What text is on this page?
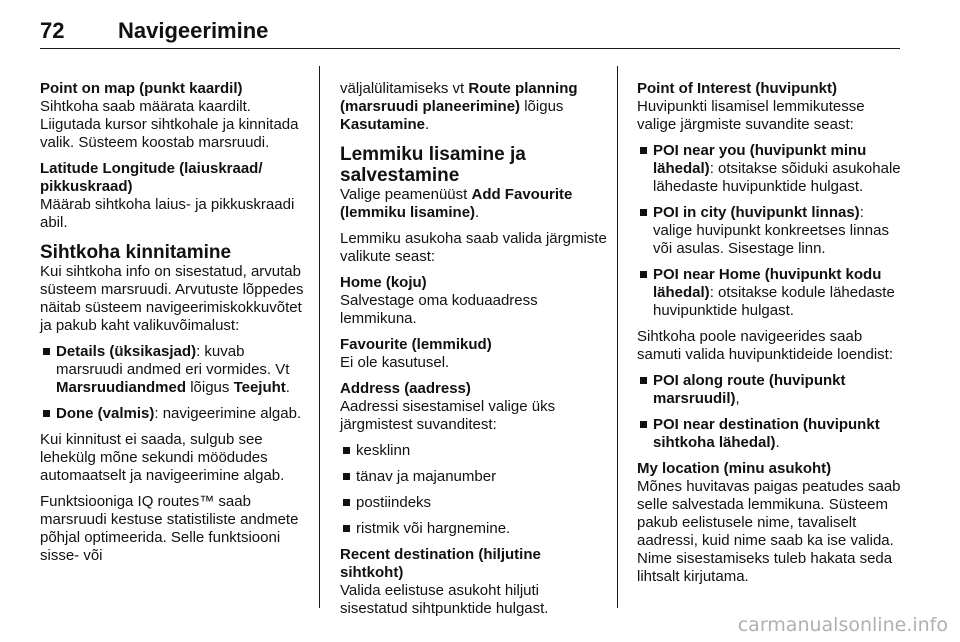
72 Navigeerimine

Point on map (punkt kaardil)
Sihtkoha saab määrata kaardilt. Liigutada kursor sihtkohale ja kinnitada valik. Süsteem koostab marsruudi.

Latitude Longitude (laiuskraad/ pikkuskraad)
Määrab sihtkoha laius- ja pikkuskraadi abil.

Sihtkoha kinnitamine

Kui sihtkoha info on sisestatud, arvutab süsteem marsruudi. Arvutuste lõppedes näitab süsteem navigeerimiskokkuvõtet ja pakub kaht valikuvõimalust:

Details (üksikasjad): kuvab marsruudi andmed eri vormides. Vt Marsruudiandmed lõigus Teejuht.
Done (valmis): navigeerimine algab.

Kui kinnitust ei saada, sulgub see lehekülg mõne sekundi möödudes automaatselt ja navigeerimine algab.

Funktsiooniga IQ routes™ saab marsruudi kestuse statistiliste andmete põhjal optimeerida. Selle funktsiooni sisse- või

väljalülitamiseks vt Route planning (marsruudi planeerimine) lõigus Kasutamine.

Lemmiku lisamine ja salvestamine

Valige peamenüüst Add Favourite (lemmiku lisamine).

Lemmiku asukoha saab valida järgmiste valikute seast:

Home (koju)
Salvestage oma koduaadress lemmikuna.

Favourite (lemmikud)
Ei ole kasutusel.

Address (aadress)
Aadressi sisestamisel valige üks järgmistest suvanditest:

kesklinn
tänav ja majanumber
postiindeks
ristmik või hargnemine.

Recent destination (hiljutine sihtkoht)
Valida eelistuse asukoht hiljuti sisestatud sihtpunktide hulgast.

Point of Interest (huvipunkt)
Huvipunkti lisamisel lemmikutesse valige järgmiste suvandite seast:

POI near you (huvipunkt minu lähedal): otsitakse sõiduki asukohale lähedaste huvipunktide hulgast.
POI in city (huvipunkt linnas): valige huvipunkt konkreetses linnas või asulas. Sisestage linn.
POI near Home (huvipunkt kodu lähedal): otsitakse kodule lähedaste huvipunktide hulgast.

Sihtkoha poole navigeerides saab samuti valida huvipunktideide loendist:

POI along route (huvipunkt marsruudil),
POI near destination (huvipunkt sihtkoha lähedal).

My location (minu asukoht)
Mõnes huvitavas paigas peatudes saab selle salvestada lemmikuna. Süsteem pakub eelistusele nime, tavaliselt aadressi, kuid nime saab ka ise valida. Nime sisestamiseks tuleb hakata seda lihtsalt kirjutama.

carmanualsonline.info
